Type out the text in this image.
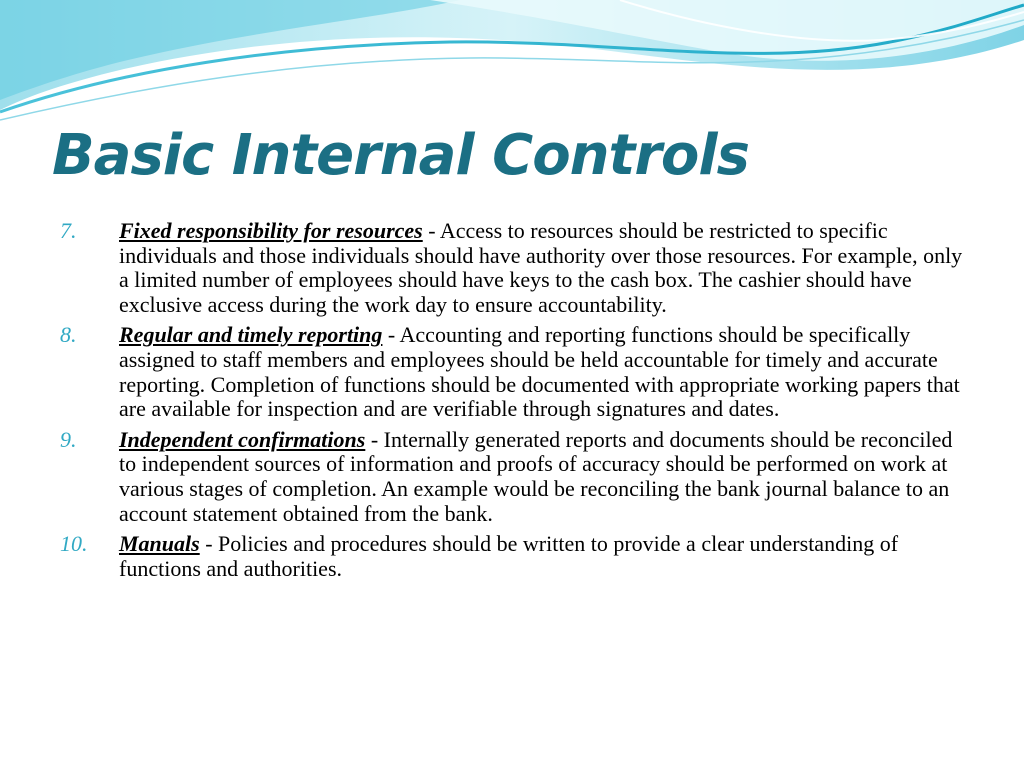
Basic Internal Controls
7. Fixed responsibility for resources - Access to resources should be restricted to specific individuals and those individuals should have authority over those resources. For example, only a limited number of employees should have keys to the cash box. The cashier should have exclusive access during the work day to ensure accountability.
8. Regular and timely reporting - Accounting and reporting functions should be specifically assigned to staff members and employees should be held accountable for timely and accurate reporting. Completion of functions should be documented with appropriate working papers that are available for inspection and are verifiable through signatures and dates.
9. Independent confirmations - Internally generated reports and documents should be reconciled to independent sources of information and proofs of accuracy should be performed on work at various stages of completion. An example would be reconciling the bank journal balance to an account statement obtained from the bank.
10. Manuals - Policies and procedures should be written to provide a clear understanding of functions and authorities.
